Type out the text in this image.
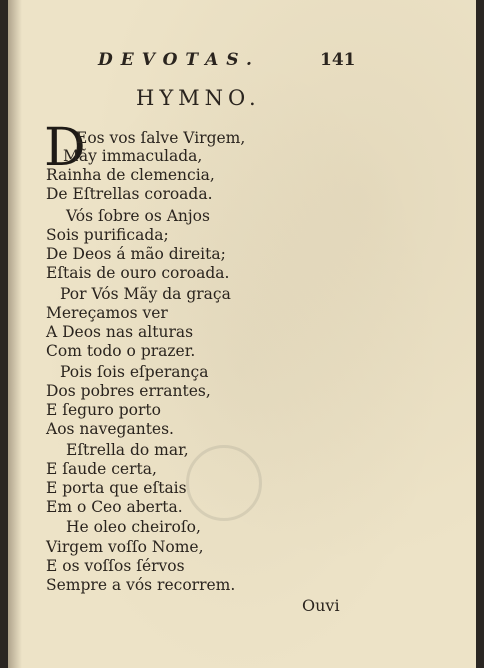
DEVOTAS.	141
HYMNO.
D
Eos vos ſalve Virgem,
Mãy immaculada,
Rainha de clemencia,
De Eſtrellas coroada.
Vós ſobre os Anjos
Sois purificada;
De Deos á mão direita;
Eſtais de ouro coroada.
Por Vós Mãy da graça
Mereçamos ver
A Deos nas alturas
Com todo o prazer.
Pois ſois eſperança
Dos pobres errantes,
E ſeguro porto
Aos navegantes.
Eſtrella do mar,
E ſaude certa,
E porta que eſtais
Em o Ceo aberta.
He oleo cheiroſo,
Virgem voſſo Nome,
E os voſſos ſérvos
Sempre a vós recorrem.
Ouvi
